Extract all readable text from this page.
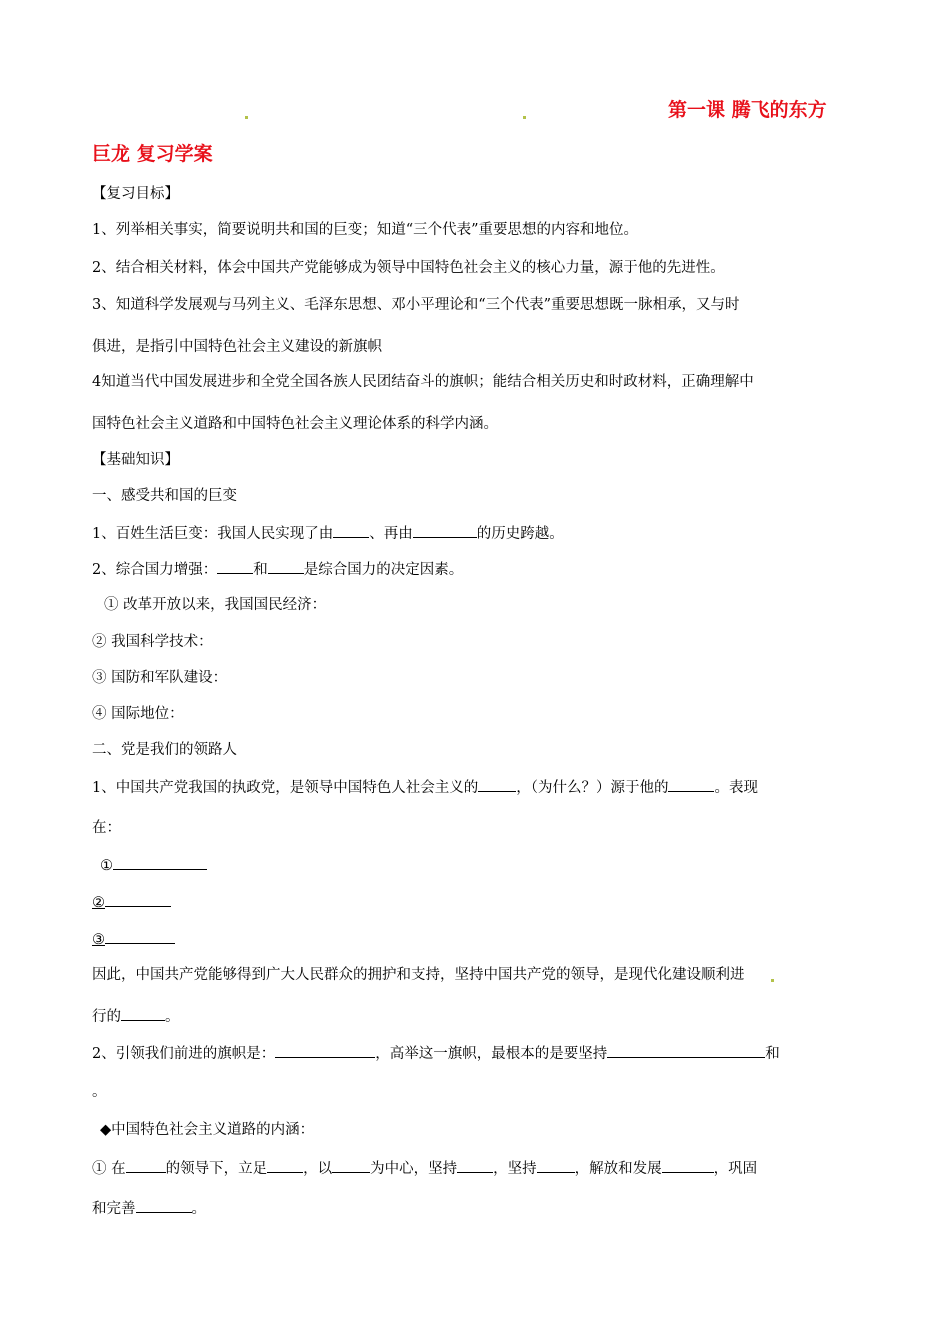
第一课 腾飞的东方
巨龙 复习学案
【复习目标】
1、列举相关事实，简要说明共和国的巨变；知道“三个代表”重要思想的内容和地位。
2、结合相关材料，体会中国共产党能够成为领导中国特色社会主义的核心力量，源于他的先进性。
3、知道科学发展观与马列主义、毛泽东思想、邓小平理论和“三个代表”重要思想既一脉相承，又与时
俱进，是指引中国特色社会主义建设的新旗帜
4知道当代中国发展进步和全党全国各族人民团结奋斗的旗帜；能结合相关历史和时政材料，正确理解中
国特色社会主义道路和中国特色社会主义理论体系的科学内涵。
【基础知识】
一、感受共和国的巨变
1、百姓生活巨变：我国人民实现了由 、再由	的历史跨越。
2、综合国力增强： 和 是综合国力的决定因素。
① 改革开放以来，我国国民经济：
② 我国科学技术：
③ 国防和军队建设：
④ 国际地位：
二、党是我们的领路人
1、中国共产党我国的执政党，是领导中国特色人社会主义的	，（为什么？）源于他的	。表现
在：
①
②
③
因此，中国共产党能够得到广大人民群众的拥护和支持，坚持中国共产党的领导，是现代化建设顺利进
行的	。
2、引领我们前进的旗帜是：	，高举这一旗帜，最根本的是要坚持	和
。
◆中国特色社会主义道路的内涵：
① 在	的领导下，立足 ，以	为中心，坚持 ，坚持	，解放和发展	，巩固
和完善	。
